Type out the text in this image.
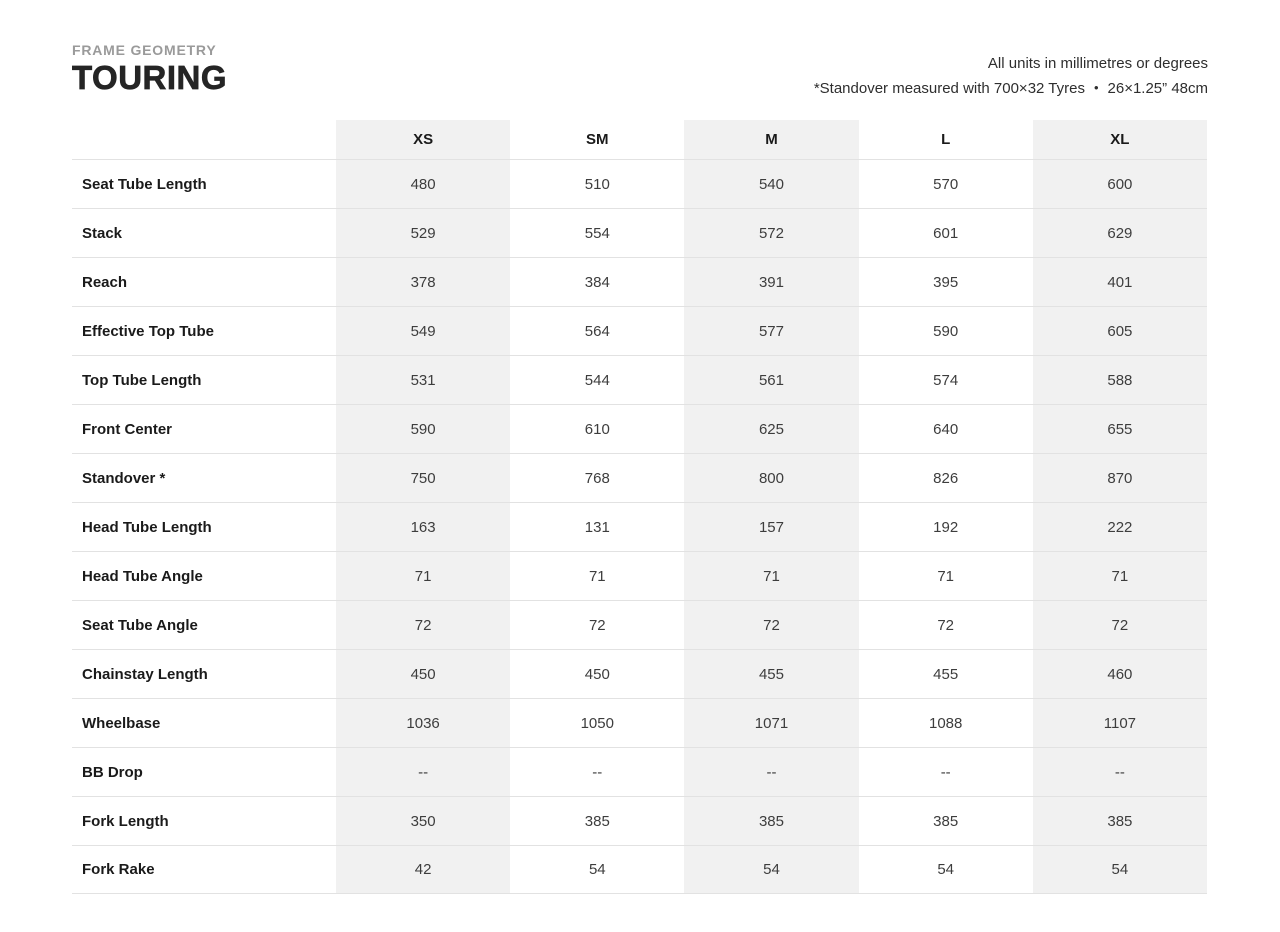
FRAME GEOMETRY
TOURING	All units in millimetres or degrees
*Standover measured with 700×32 Tyres • 26×1.25” 48cm
XS	SM	M	L	XL
Seat Tube Length	480	510	540	570	600
Stack	529	554	572	601	629
Reach	378	384	391	395	401
Effective Top Tube	549	564	577	590	605
Top Tube Length	531	544	561	574	588
Front Center	590	610	625	640	655
Standover *	750	768	800	826	870
Head Tube Length	163	131	157	192	222
Head Tube Angle	71	71	71	71	71
Seat Tube Angle	72	72	72	72	72
Chainstay Length	450	450	455	455	460
Wheelbase	1036	1050	1071	1088	1107
BB Drop	--	--	--	--	--
Fork Length	350	385	385	385	385
Fork Rake	42	54	54	54	54
